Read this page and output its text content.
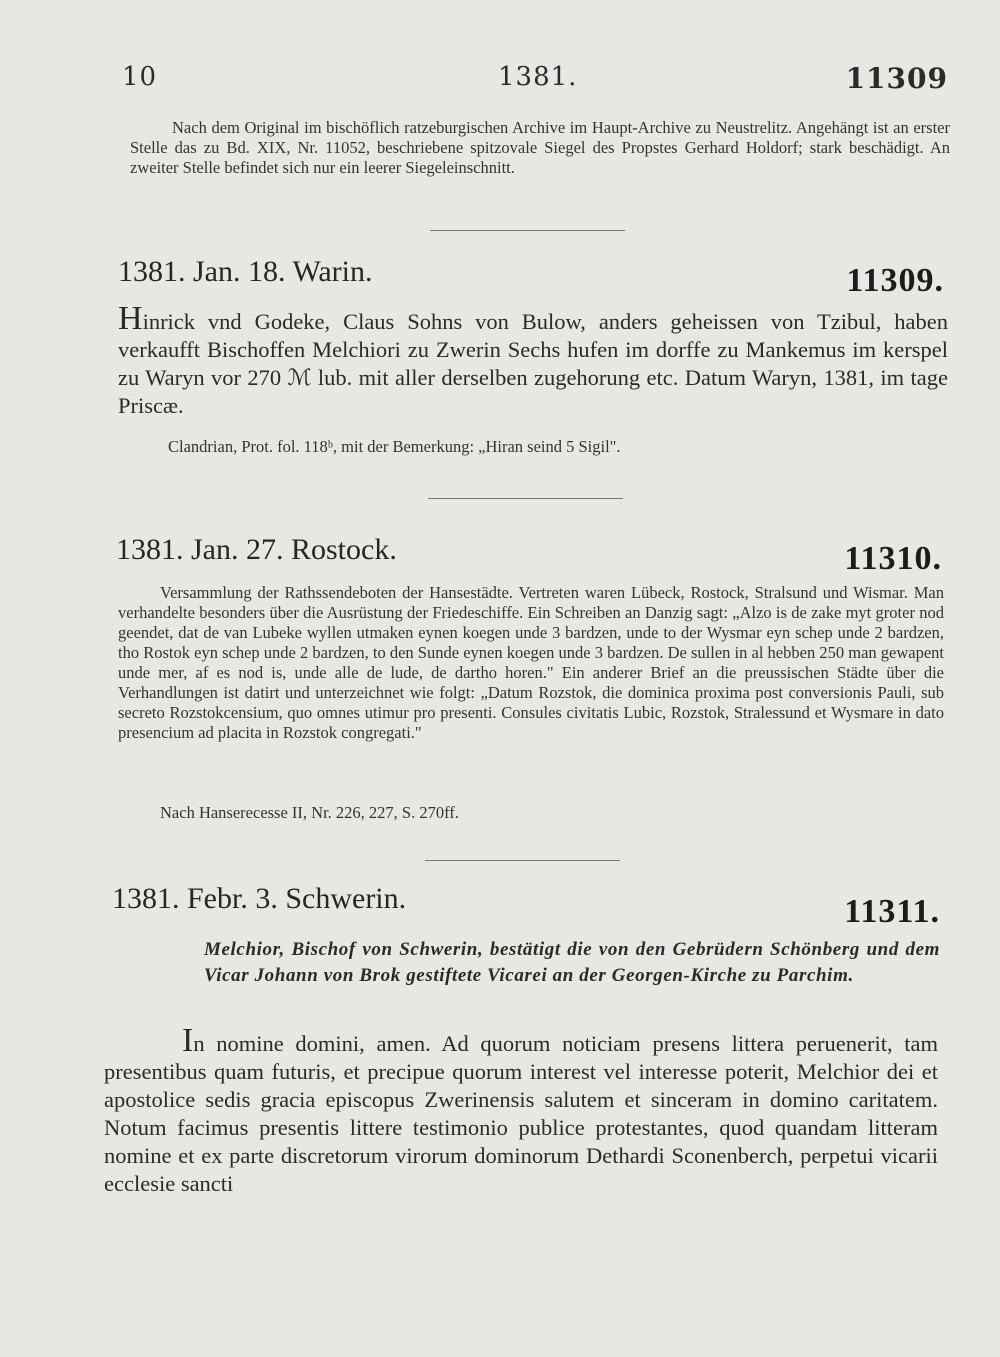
10	1381.	11309

Nach dem Original im bischöflich ratzeburgischen Archive im Haupt-Archive zu Neustrelitz. Angehängt ist an erster Stelle das zu Bd. XIX, Nr. 11052, beschriebene spitzovale Siegel des Propstes Gerhard Holdorf; stark beschädigt. An zweiter Stelle befindet sich nur ein leerer Siegeleinschnitt.

1381. Jan. 18. Warin.	11309.

Hinrick vnd Godeke, Claus Sohns von Bulow, anders geheissen von Tzibul, haben verkaufft Bischoffen Melchiori zu Zwerin Sechs hufen im dorffe zu Mankemus im kerspel zu Waryn vor 270 ℳ lub. mit aller derselben zugehorung etc. Datum Waryn, 1381, im tage Priscæ.

Clandrian, Prot. fol. 118ᵇ, mit der Bemerkung: „Hiran seind 5 Sigil".

1381. Jan. 27. Rostock.	11310.

Versammlung der Rathssendeboten der Hansestädte. Vertreten waren Lübeck, Rostock, Stralsund und Wismar. Man verhandelte besonders über die Ausrüstung der Friedeschiffe. Ein Schreiben an Danzig sagt: „Alzo is de zake myt groter nod geendet, dat de van Lubeke wyllen utmaken eynen koegen unde 3 bardzen, unde to der Wysmar eyn schep unde 2 bardzen, tho Rostok eyn schep unde 2 bardzen, to den Sunde eynen koegen unde 3 bardzen. De sullen in al hebben 250 man gewapent unde mer, af es nod is, unde alle de lude, de dartho horen." Ein anderer Brief an die preussischen Städte über die Verhandlungen ist datirt und unterzeichnet wie folgt: „Datum Rozstok, die dominica proxima post conversionis Pauli, sub secreto Rozstokcensium, quo omnes utimur pro presenti. Consules civitatis Lubic, Rozstok, Stralessund et Wysmare in dato presencium ad placita in Rozstok congregati."

Nach Hanserecesse II, Nr. 226, 227, S. 270ff.

1381. Febr. 3. Schwerin.	11311.

Melchior, Bischof von Schwerin, bestätigt die von den Gebrüdern Schönberg und dem Vicar Johann von Brok gestiftete Vicarei an der Georgen-Kirche zu Parchim.

In nomine domini, amen. Ad quorum noticiam presens littera peruenerit, tam presentibus quam futuris, et precipue quorum interest vel interesse poterit, Melchior dei et apostolice sedis gracia episcopus Zwerinensis salutem et sinceram in domino caritatem. Notum facimus presentis littere testimonio publice protestantes, quod quandam litteram nomine et ex parte discretorum virorum dominorum Dethardi Sconenberch, perpetui vicarii ecclesie sancti
